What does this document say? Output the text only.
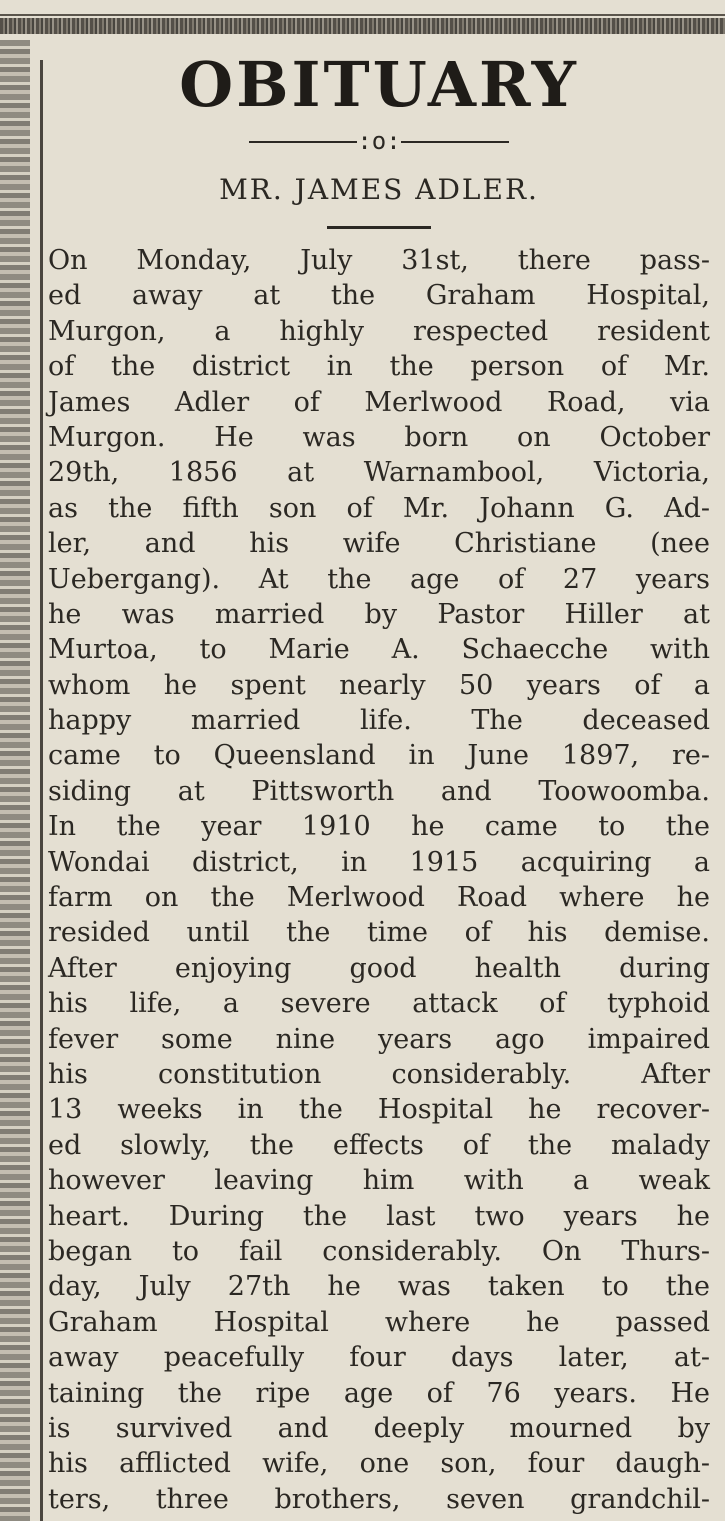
OBITUARY
:o:
MR. JAMES ADLER.
On Monday, July 31st, there pass-
ed away at the Graham Hospital,
Murgon, a highly respected resident
of the district in the person of Mr.
James Adler of Merlwood Road, via
Murgon. He was born on October
29th, 1856 at Warnambool, Victoria,
as the fifth son of Mr. Johann G. Ad-
ler, and his wife Christiane (nee
Uebergang). At the age of 27 years
he was married by Pastor Hiller at
Murtoa, to Marie A. Schaecche with
whom he spent nearly 50 years of a
happy married life. The deceased
came to Queensland in June 1897, re-
siding at Pittsworth and Toowoomba.
In the year 1910 he came to the
Wondai district, in 1915 acquiring a
farm on the Merlwood Road where he
resided until the time of his demise.
After enjoying good health during
his life, a severe attack of typhoid
fever some nine years ago impaired
his constitution considerably. After
13 weeks in the Hospital he recover-
ed slowly, the effects of the malady
however leaving him with a weak
heart. During the last two years he
began to fail considerably. On Thurs-
day, July 27th he was taken to the
Graham Hospital where he passed
away peacefully four days later, at-
taining the ripe age of 76 years. He
is survived and deeply mourned by
his afflicted wife, one son, four daugh-
ters, three brothers, seven grandchil-
